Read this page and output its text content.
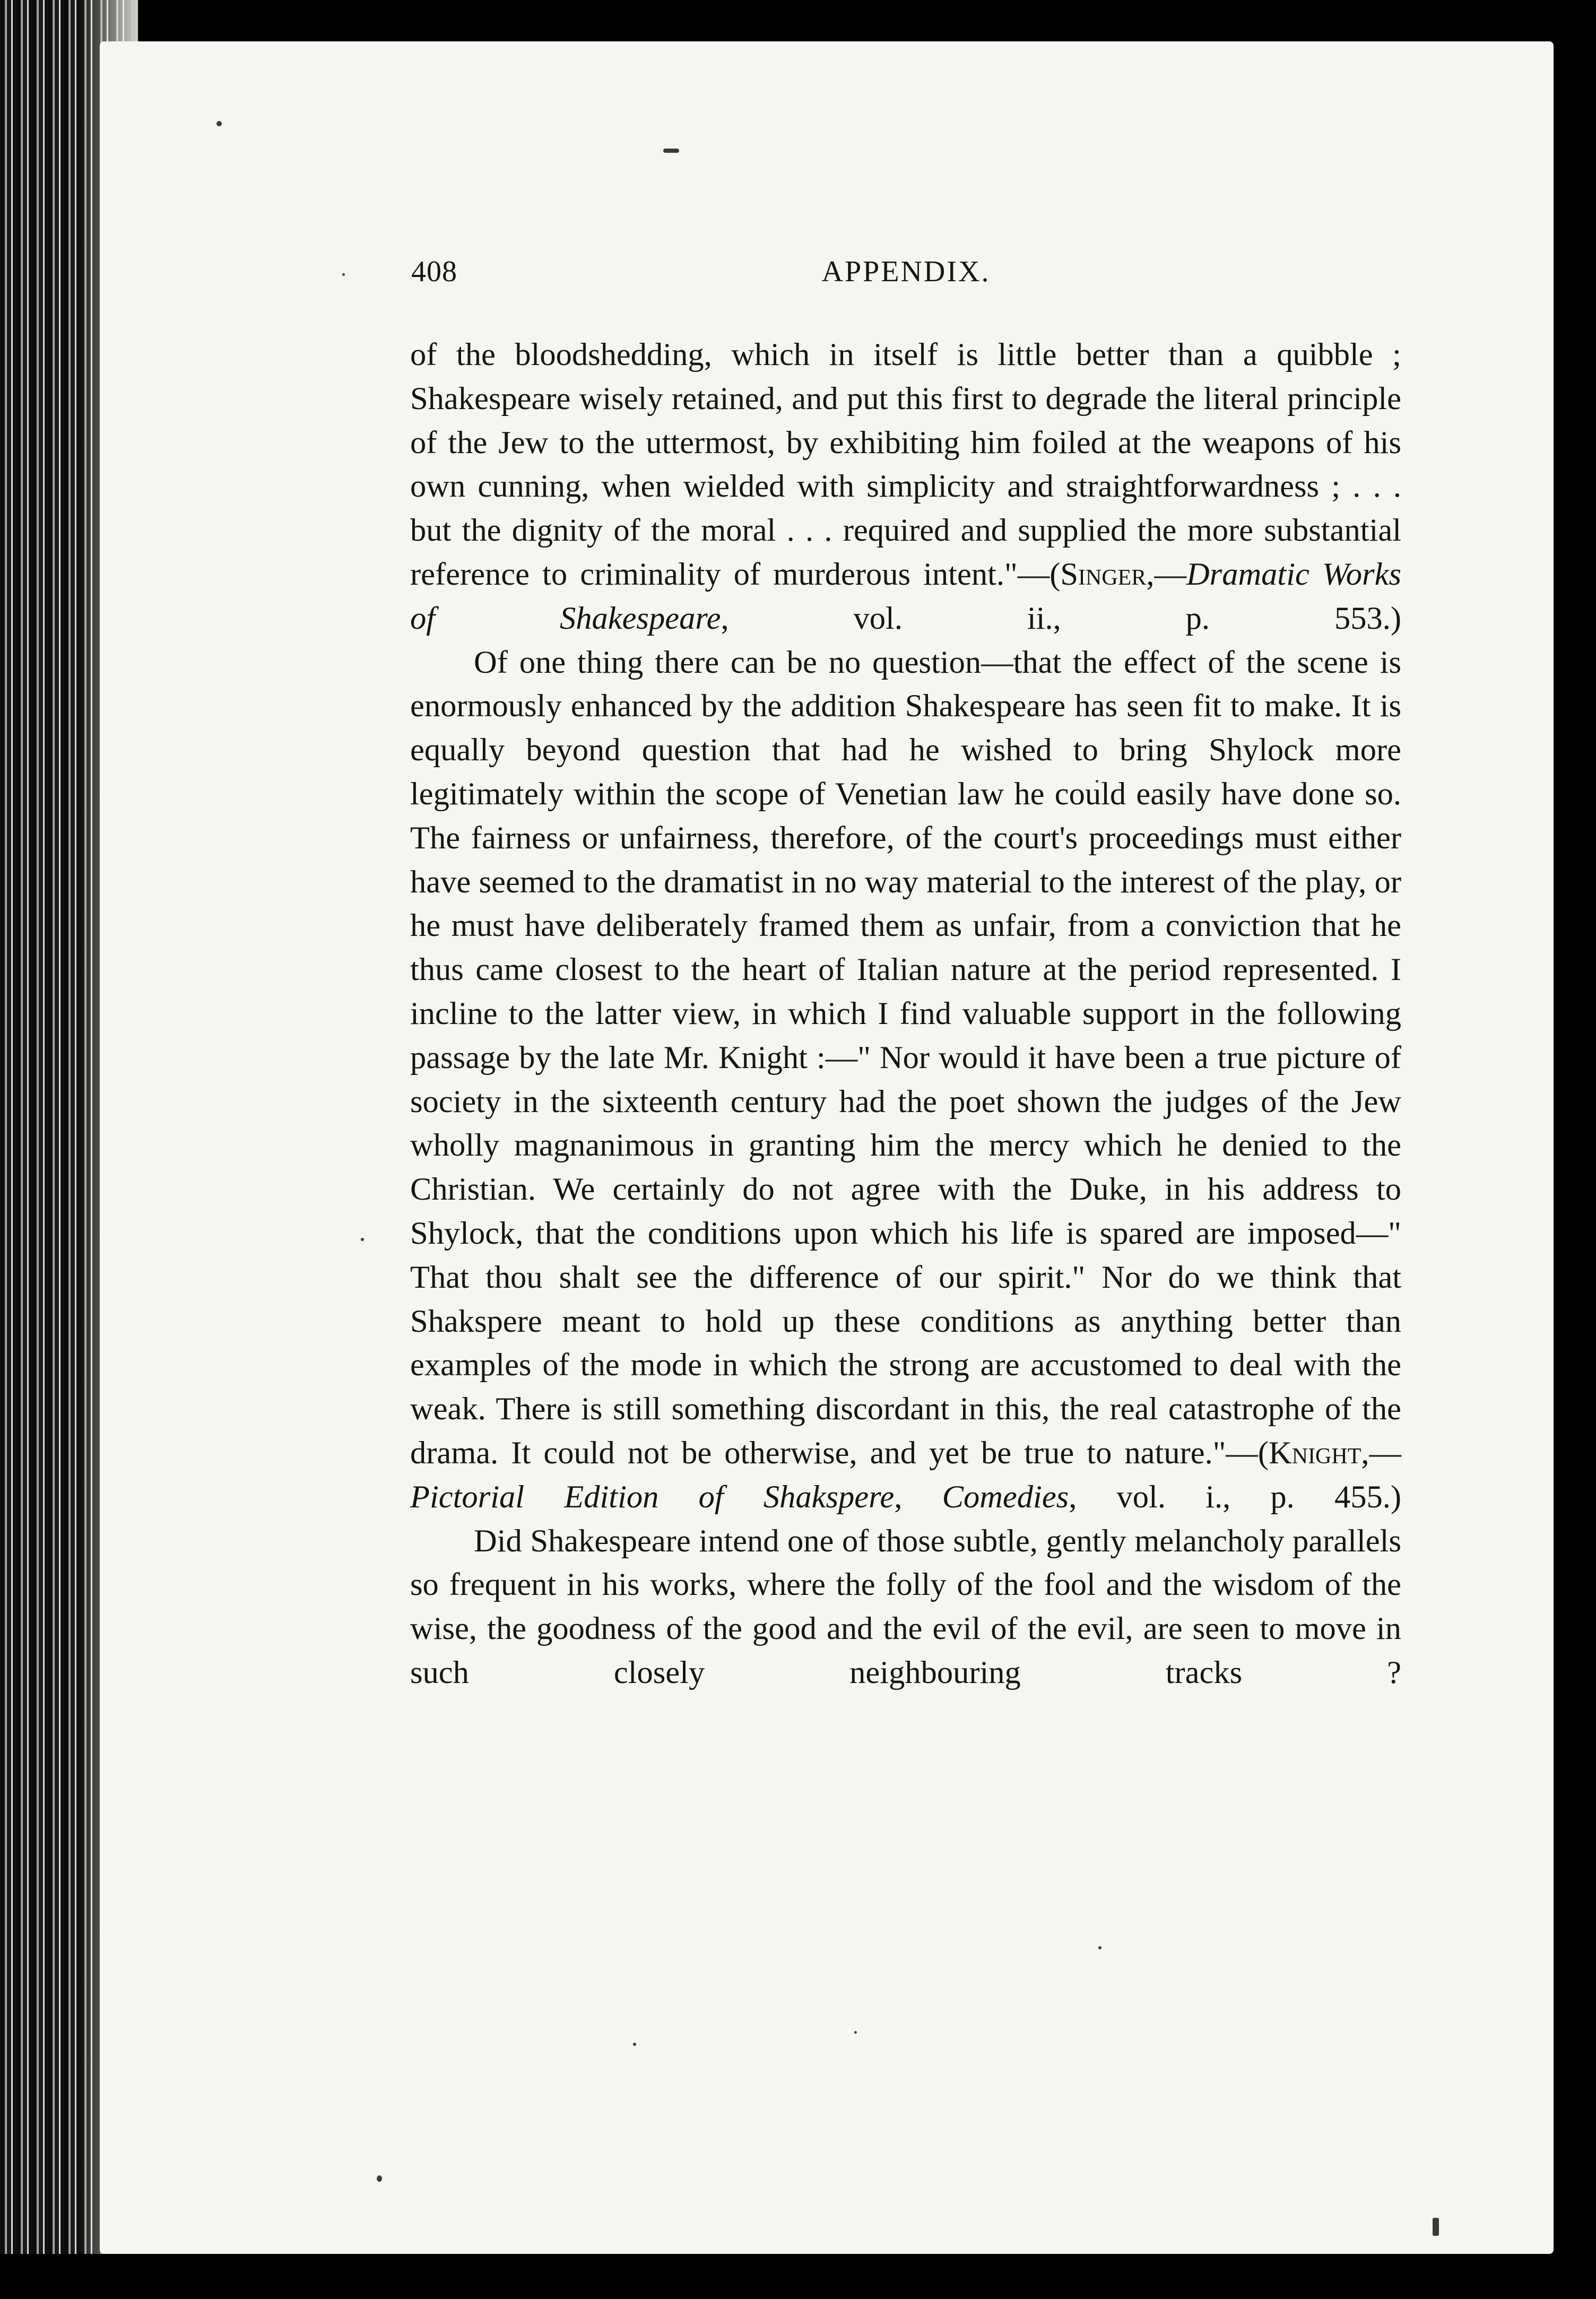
408	APPENDIX.

of the bloodshedding, which in itself is little better than a quibble ; Shakespeare wisely retained, and put this first to degrade the literal principle of the Jew to the uttermost, by exhibiting him foiled at the weapons of his own cunning, when wielded with simplicity and straightforwardness ; . . . but the dignity of the moral . . . required and supplied the more substantial reference to criminality of murderous intent."—(Singer,—Dramatic Works of Shakespeare, vol. ii., p. 553.)

Of one thing there can be no question—that the effect of the scene is enormously enhanced by the addition Shakespeare has seen fit to make. It is equally beyond question that had he wished to bring Shylock more legitimately within the scope of Venetian law he could easily have done so. The fairness or unfairness, therefore, of the court's proceedings must either have seemed to the dramatist in no way material to the interest of the play, or he must have deliberately framed them as unfair, from a conviction that he thus came closest to the heart of Italian nature at the period represented. I incline to the latter view, in which I find valuable support in the following passage by the late Mr. Knight :—" Nor would it have been a true picture of society in the sixteenth century had the poet shown the judges of the Jew wholly magnanimous in granting him the mercy which he denied to the Christian. We certainly do not agree with the Duke, in his address to Shylock, that the conditions upon which his life is spared are imposed—" That thou shalt see the difference of our spirit." Nor do we think that Shakspere meant to hold up these conditions as anything better than examples of the mode in which the strong are accustomed to deal with the weak. There is still something discordant in this, the real catastrophe of the drama. It could not be otherwise, and yet be true to nature."—(Knight,—Pictorial Edition of Shakspere, Comedies, vol. i., p. 455.)

Did Shakespeare intend one of those subtle, gently melancholy parallels so frequent in his works, where the folly of the fool and the wisdom of the wise, the goodness of the good and the evil of the evil, are seen to move in such closely neighbouring tracks ?
